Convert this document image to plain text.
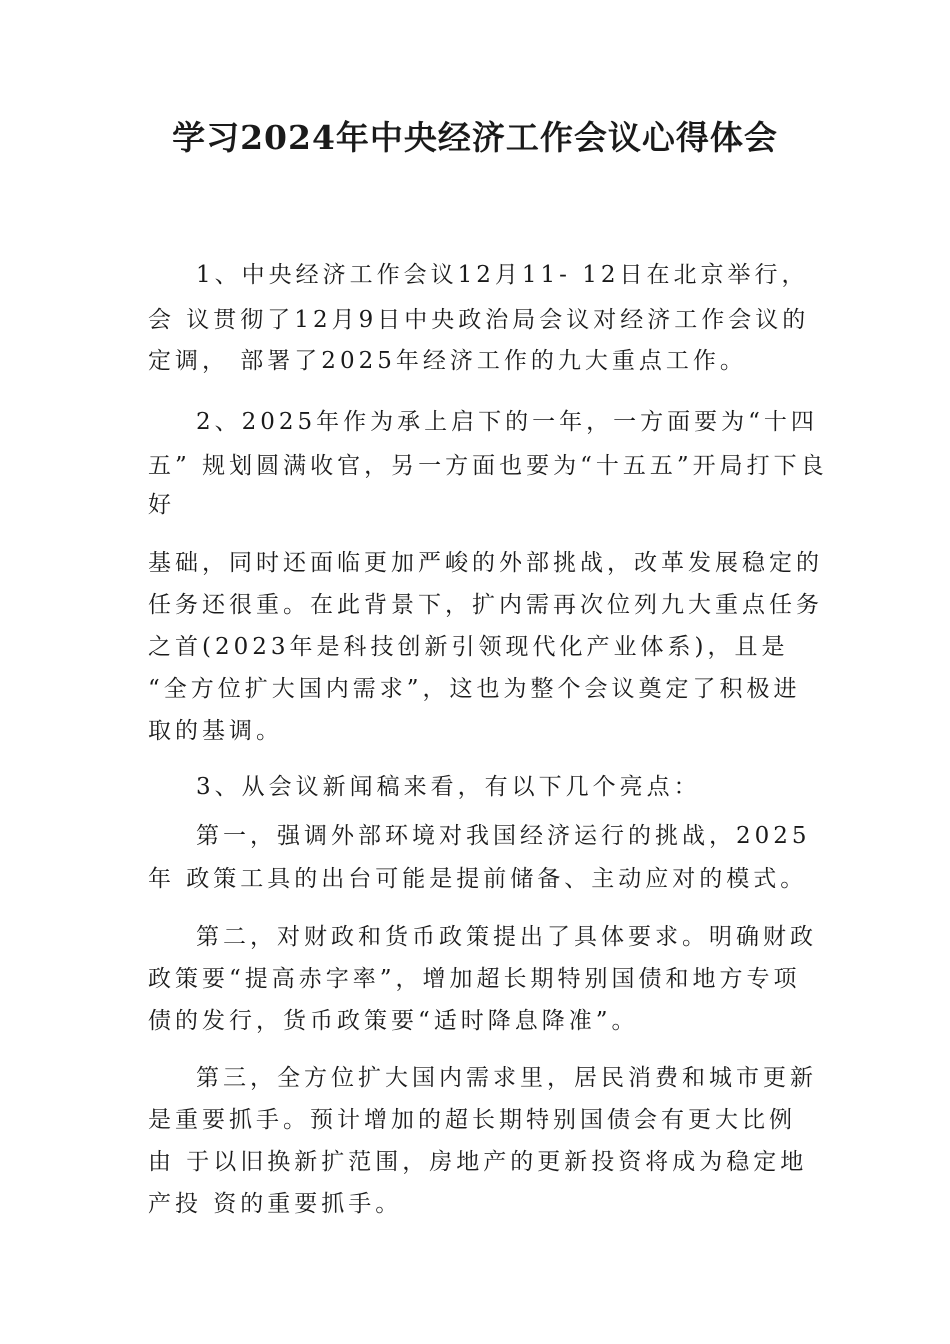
学习2024年中央经济工作会议心得体会
1、中央经济工作会议12月11- 12日在北京举行，
会 议贯彻了12月9日中央政治局会议对经济工作会议的
定调， 部署了2025年经济工作的九大重点工作。
2、2025年作为承上启下的一年，一方面要为“十四
五” 规划圆满收官，另一方面也要为“十五五”开局打下良
好
基础，同时还面临更加严峻的外部挑战，改革发展稳定的
任务还很重。在此背景下，扩内需再次位列九大重点任务
之首(2023年是科技创新引领现代化产业体系)，且是
“全方位扩大国内需求”，这也为整个会议奠定了积极进
取的基调。
3、从会议新闻稿来看，有以下几个亮点：
第一，强调外部环境对我国经济运行的挑战，2025
年 政策工具的出台可能是提前储备、主动应对的模式。
第二，对财政和货币政策提出了具体要求。明确财政
政策要“提高赤字率”，增加超长期特别国债和地方专项
债的发行，货币政策要“适时降息降准”。
第三，全方位扩大国内需求里，居民消费和城市更新
是重要抓手。预计增加的超长期特别国债会有更大比例
由 于以旧换新扩范围，房地产的更新投资将成为稳定地
产投 资的重要抓手。
